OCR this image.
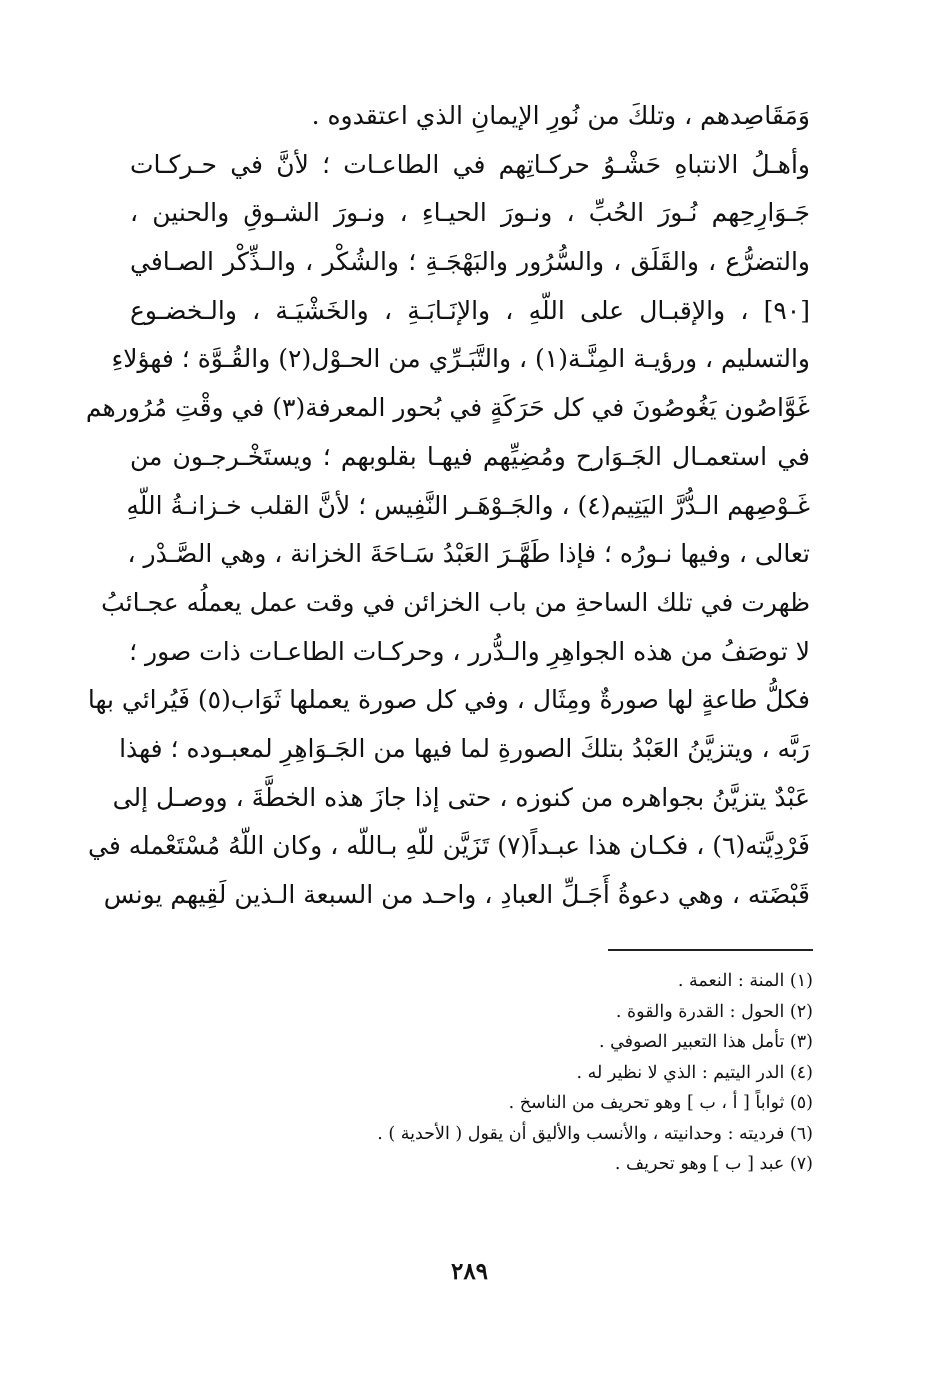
وَمَقَاصِدهم ، وتلكَ من نُورِ الإيمانِ الذي اعتقدوه .
وأهـلُ الانتباهِ حَشْـوُ حركـاتِهم في الطاعـات ؛ لأنَّ في حـركـات
جَـوَارِحِهم نُـورَ الحُبِّ ، ونـورَ الحيـاءِ ، ونـورَ الشـوقِ والحنين ،
والتضرُّع ، والقَلَق ، والسُّرُور والبَهْجَـةِ ؛ والشُكْر ، والـذِّكْر الصـافي
[٩٠] ، والإقبـال على اللّهِ ، والإنَـابَـةِ ، والخَشْيَـة ، والـخضـوع
والتسليم ، ورؤيـة المِنَّـة(١) ، والتَّبَـرِّي من الحـوْل(٢) والقُـوَّة ؛ فهؤلاءِ
غَوَّاصُون يَغُوصُونَ في كل حَرَكَةٍ في بُحور المعرفة(٣) في وقْتِ مُرُورهم
في استعمـال الجَـوَارح ومُضِيِّهم فيهـا بقلوبهم ؛ ويستَخْـرجـون من
غَـوْصِهم الـدُّرَّ اليَتِيم(٤) ، والجَـوْهَـر النَّفِيس ؛ لأنَّ القلب خـزانـةُ اللّهِ
تعالى ، وفيها نـورُه ؛ فإذا طَهَّـرَ العَبْدُ سَـاحَةَ الخزانة ، وهي الصَّـدْر ،
ظهرت في تلك الساحةِ من باب الخزائن في وقت عمل يعملُه عجـائبُ
لا توصَفُ من هذه الجواهِرِ والـدُّرر ، وحركـات الطاعـات ذات صور ؛
فكلُّ طاعةٍ لها صورةٌ ومِثَال ، وفي كل صورة يعملها ثَوَاب(٥) فَيُرائي بها
رَبَّه ، ويتزيَّنُ العَبْدُ بتلكَ الصورةِ لما فيها من الجَـوَاهِرِ لمعبـوده ؛ فهذا
عَبْدٌ يتزيَّنُ بجواهره من كنوزه ، حتى إذا جازَ هذه الخطَّةَ ، ووصـل إلى
فَرْدِيَّته(٦) ، فكـان هذا عبـداً(٧) تَزَيَّن للّهِ بـاللّه ، وكان اللّهُ مُسْتَعْمله في
قَبْضَته ، وهي دعوةُ أَجَـلِّ العبادِ ، واحـد من السبعة الـذين لَقِيهم يونس
(١) المنة : النعمة .
(٢) الحول : القدرة والقوة .
(٣) تأمل هذا التعبير الصوفي .
(٤) الدر اليتيم : الذي لا نظير له .
(٥) ثواباً [ أ ، ب ] وهو تحريف من الناسخ .
(٦) فرديته : وحدانيته ، والأنسب والأليق أن يقول ( الأحدية ) .
(٧) عبد [ ب ] وهو تحريف .
٢٨٩
